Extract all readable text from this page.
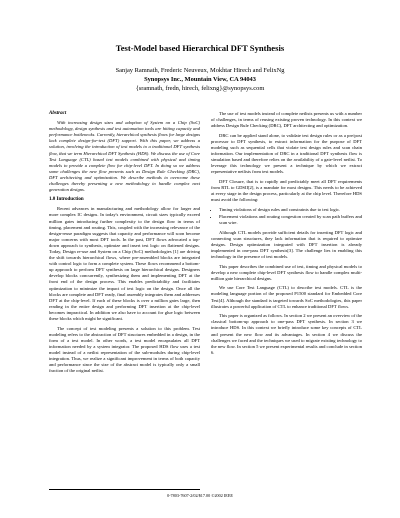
Test-Model based Hierarchical DFT Synthesis
Sanjay Ramnath, Frederic Neuveux, Mokhtar Hirech and FelixNg
Synopsys Inc., Mountain View, CA 94043
{sramnath, fredn, hirech, felixng}@synopsys.com
Abstract

With increasing design sizes and adoption of System on a Chip (SoC) methodology, design synthesis and test automation tools are hitting capacity and performance bottlenecks. Currently, hierarchical synthesis flows for large designs lack complete design-for-test (DFT) support. With this paper, we address a solution, involving the introduction of test models to a traditional DFT synthesis flow, that we term Hierarchical DFT Synthesis (HDS). We discuss the use of Core Test Language (CTL) based test models combined with physical and timing models to provide a complete flow for chip-level DFT. In doing so we address some challenges the new flow presents such as Design Rule Checking (DRC), DFT architecting and optimization. We describe methods to overcome these challenges thereby presenting a new methodology to handle complex next generation designs.

1.0 Introduction

Recent advances in manufacturing and methodology allow for larger and more complex IC designs. In today's environment, circuit sizes typically exceed million gates introducing further complexity to the design flow in terms of timing, placement and routing. This, coupled with the increasing relevance of the design-reuse paradigm suggests that capacity and performance will soon become major concerns with most DFT tools. In the past, DFT flows advocated a top-down approach to synthesis, optimize and insert test logic on flattened designs. Today, Design re-use and System on a Chip (SoC) methodologies [1] are driving the shift towards hierarchical flows, where pre-assembled blocks are integrated with control logic to form a complete system. These flows recommend a bottom-up approach to perform DFT synthesis on large hierarchical designs. Designers develop blocks concurrently, synthesizing them and implementing DFT at the front end of the design process. This enables predictability and facilitates optimization to minimize the impact of test logic on the design. Once all the blocks are complete and DFT ready, final assembly integrates them and addresses DFT at the chip-level. If each of these blocks is over a million gates large, then reading in the entire design and performing DFT insertion at the chip-level becomes impractical. In addition we also have to account for glue logic between these blocks which might be significant.

The concept of test modeling presents a solution to this problem. Test modeling refers to the abstraction of DFT structures embedded in a design, in the form of a test model. In other words, a test model encapsulates all DFT information needed by a system integrator. The proposed HDS flow uses a test model instead of a netlist representation of the sub-modules during chip-level integration. Thus, we realize a significant improvement in terms of both capacity and performance since the size of the abstract model is typically only a small fraction of the original netlist.

The use of test models instead of complete netlists presents us with a number of challenges, in terms of reusing existing proven technology. In this context we address Design Rule Checking (DRC), DFT architecting and optimization.

DRC can be applied stand alone, to validate test design rules or as a pre/post processor to DFT synthesis, to extract information for the purpose of DFT modeling such as sequential cells that violate test design rules and scan chain information. Our implementation of DRC in a traditional DFT synthesis flow is simulation based and therefore relies on the availability of a gate-level netlist. To leverage this technology we present a technique by which we extract representative netlists from test models.

DFT Closure, that is to rapidly and predictably meet all DFT requirements from RTL to GDSII[2], is a mandate for most designs. This needs to be achieved at every stage in the design process, particularly at the chip level. Therefore HDS must avoid the following:

• Timing violations of design rules and constraints due to test logic.
• Placement violations and routing congestion created by scan path buffers and scan wire.

Although CTL models provide sufficient details for inserting DFT logic and connecting scan structures, they lack information that is required to optimize designs. Design optimization integrated with DFT insertion is already implemented in one-pass DFT synthesis[3]. The challenge lies in enabling this technology in the presence of test models.

This paper describes the combined use of test, timing and physical models to develop a new complete chip-level DFT synthesis flow to handle complex multi-million gate hierarchical designs.

We use Core Test Language (CTL) to describe test models. CTL is the modeling language portion of the proposed P1500 standard for Embedded Core Test[4]. Although the standard is targeted towards SoC methodologies, this paper illustrates a powerful application of CTL to enhance traditional DFT flows.

This paper is organized as follows. In section 2 we present an overview of the classical bottom-up approach to one-pass DFT synthesis. In section 3 we introduce HDS. In this context we briefly introduce some key concepts of CTL and present the new flow and its advantages. In section 4 we discuss the challenges we faced and the techniques we used to migrate existing technology to the new flow. In section 5 we present experimental results and conclude in section 6.

0-7803-7607-2/02/$17.00 ©2002 IEEE
